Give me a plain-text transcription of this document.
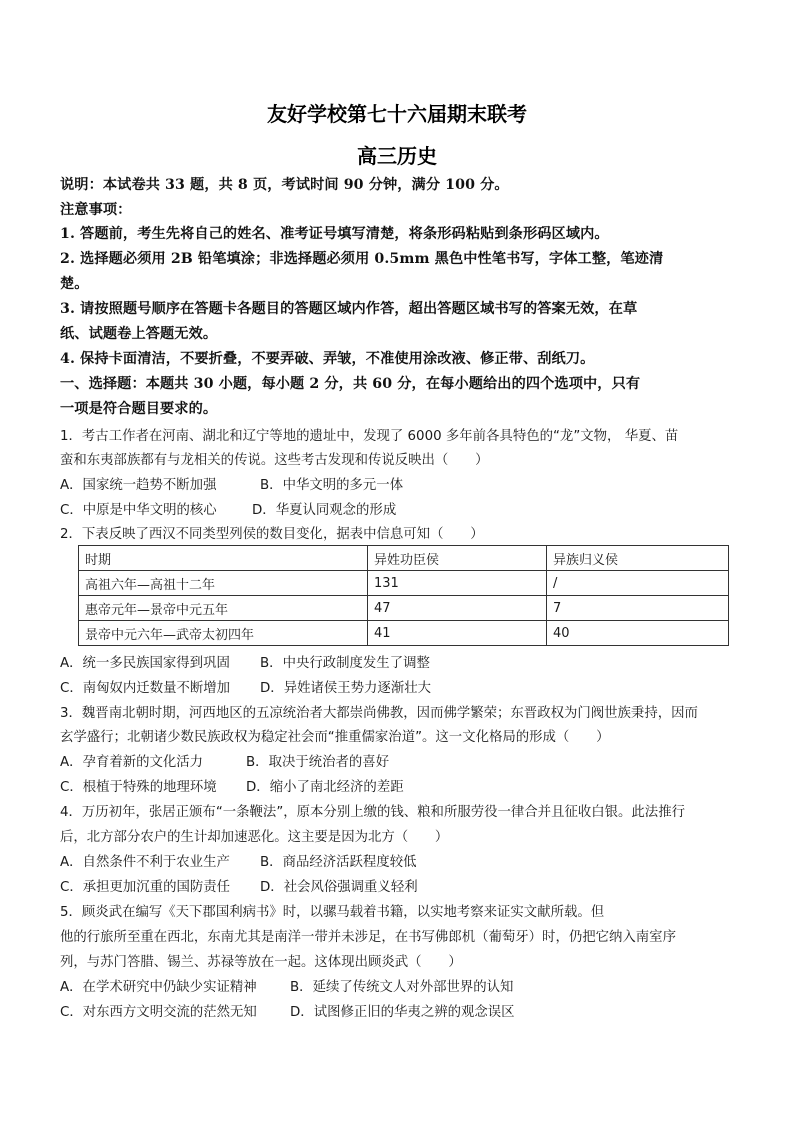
友好学校第七十六届期末联考
高三历史
说明：本试卷共 33 题，共 8 页，考试时间 90 分钟，满分 100 分。
注意事项：
1. 答题前，考生先将自己的姓名、准考证号填写清楚，将条形码粘贴到条形码区域内。
2. 选择题必须用 2B 铅笔填涂；非选择题必须用 0.5mm 黑色中性笔书写，字体工整，笔迹清
楚。
3. 请按照题号顺序在答题卡各题目的答题区域内作答，超出答题区域书写的答案无效，在草
纸、试题卷上答题无效。
4. 保持卡面清洁，不要折叠，不要弄破、弄皱，不准使用涂改液、修正带、刮纸刀。
一、选择题：本题共 30 小题，每小题 2 分，共 60 分，在每小题给出的四个选项中，只有
一项是符合题目要求的。
1．考古工作者在河南、湖北和辽宁等地的遗址中，发现了 6000 多年前各具特色的“龙”文物， 华夏、苗
蛮和东夷部族都有与龙相关的传说。这些考古发现和传说反映出（　　）
A．国家统一趋势不断加强	B．中华文明的多元一体
C．中原是中华文明的核心	D．华夏认同观念的形成
2．下表反映了西汉不同类型列侯的数目变化，据表中信息可知（　　）
时期	异姓功臣侯	异族归义侯
高祖六年—高祖十二年	131	/
惠帝元年—景帝中元五年	47	7
景帝中元六年—武帝太初四年	41	40
A．统一多民族国家得到巩固 B．中央行政制度发生了调整
C．南匈奴内迁数量不断增加 D．异姓诸侯王势力逐渐壮大
3．魏晋南北朝时期，河西地区的五凉统治者大都崇尚佛教，因而佛学繁荣；东晋政权为门阀世族秉持，因而
玄学盛行；北朝诸少数民族政权为稳定社会而“推重儒家治道”。这一文化格局的形成（　　）
A．孕育着新的文化活力	B．取决于统治者的喜好
C．根植于特殊的地理环境 D．缩小了南北经济的差距
4．万历初年，张居正颁布“一条鞭法”，原本分别上缴的钱、粮和所服劳役一律合并且征收白银。此法推行
后，北方部分农户的生计却加速恶化。这主要是因为北方（　　）
A．自然条件不利于农业生产 B．商品经济活跃程度较低
C．承担更加沉重的国防责任 D．社会风俗强调重义轻利
5．顾炎武在编写《天下郡国利病书》时，以骡马载着书籍，以实地考察来证实文献所载。但
他的行旅所至重在西北，东南尤其是南洋一带并未涉足，在书写佛郎机（葡萄牙）时，仍把它纳入南室序
列，与苏门答腊、锡兰、苏禄等放在一起。这体现出顾炎武（　　）
A．在学术研究中仍缺少实证精神 B．延续了传统文人对外部世界的认知
C．对东西方文明交流的茫然无知 D．试图修正旧的华夷之辨的观念误区
